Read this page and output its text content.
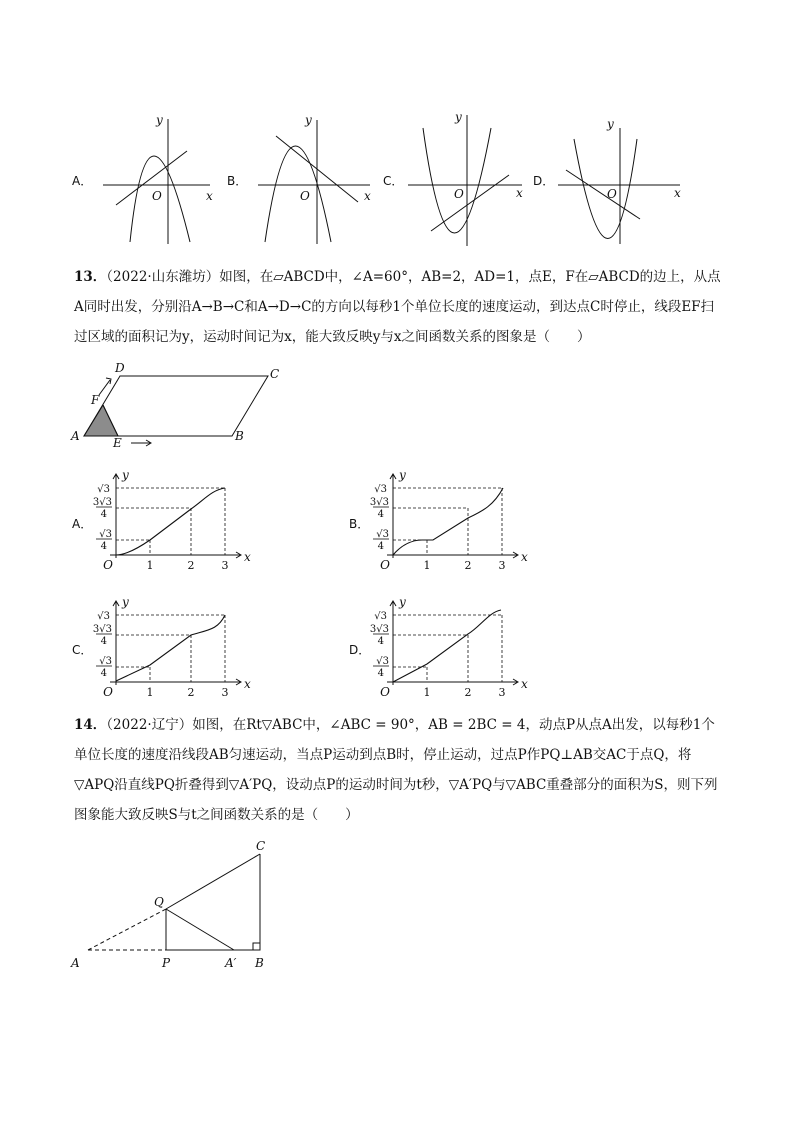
A．	B．	C．	D．
y
x
O
y
x
O
y
x
O
y
x
O

13．（2022·山东潍坊）如图，在▱ABCD中，∠A=60°，AB=2，AD=1，点E，F在▱ABCD的边上，从点A同时出发，分别沿A→B→C和A→D→C的方向以每秒1个单位长度的速度运动，到达点C时停止，线段EF扫过区域的面积记为y，运动时间记为x，能大致反映y与x之间函数关系的图象是（　　）

D	C
F
A	E	B
A．	B．
C．	D．
√3
3√3
4
√3
4
1	2 3
O
x
y
√3
3√3
4
√3
4
1	2 3
O
x
y
√3
3√3
4
√3
4
1	2 3
O
x
y
√3
3√3
4
√3
4
1	2 3
O
x
y

14．（2022·辽宁）如图，在Rt▽ABC中，∠ABC = 90°，AB = 2BC = 4，动点P从点A出发，以每秒1个单位长度的速度沿线段AB匀速运动，当点P运动到点B时，停止运动，过点P作PQ⊥AB交AC于点Q，将▽APQ沿直线PQ折叠得到▽A′PQ，设动点P的运动时间为t秒，▽A′PQ与▽ABC重叠部分的面积为S，则下列图象能大致反映S与t之间函数关系的是（　　）

C
Q
A	P	A′ B
